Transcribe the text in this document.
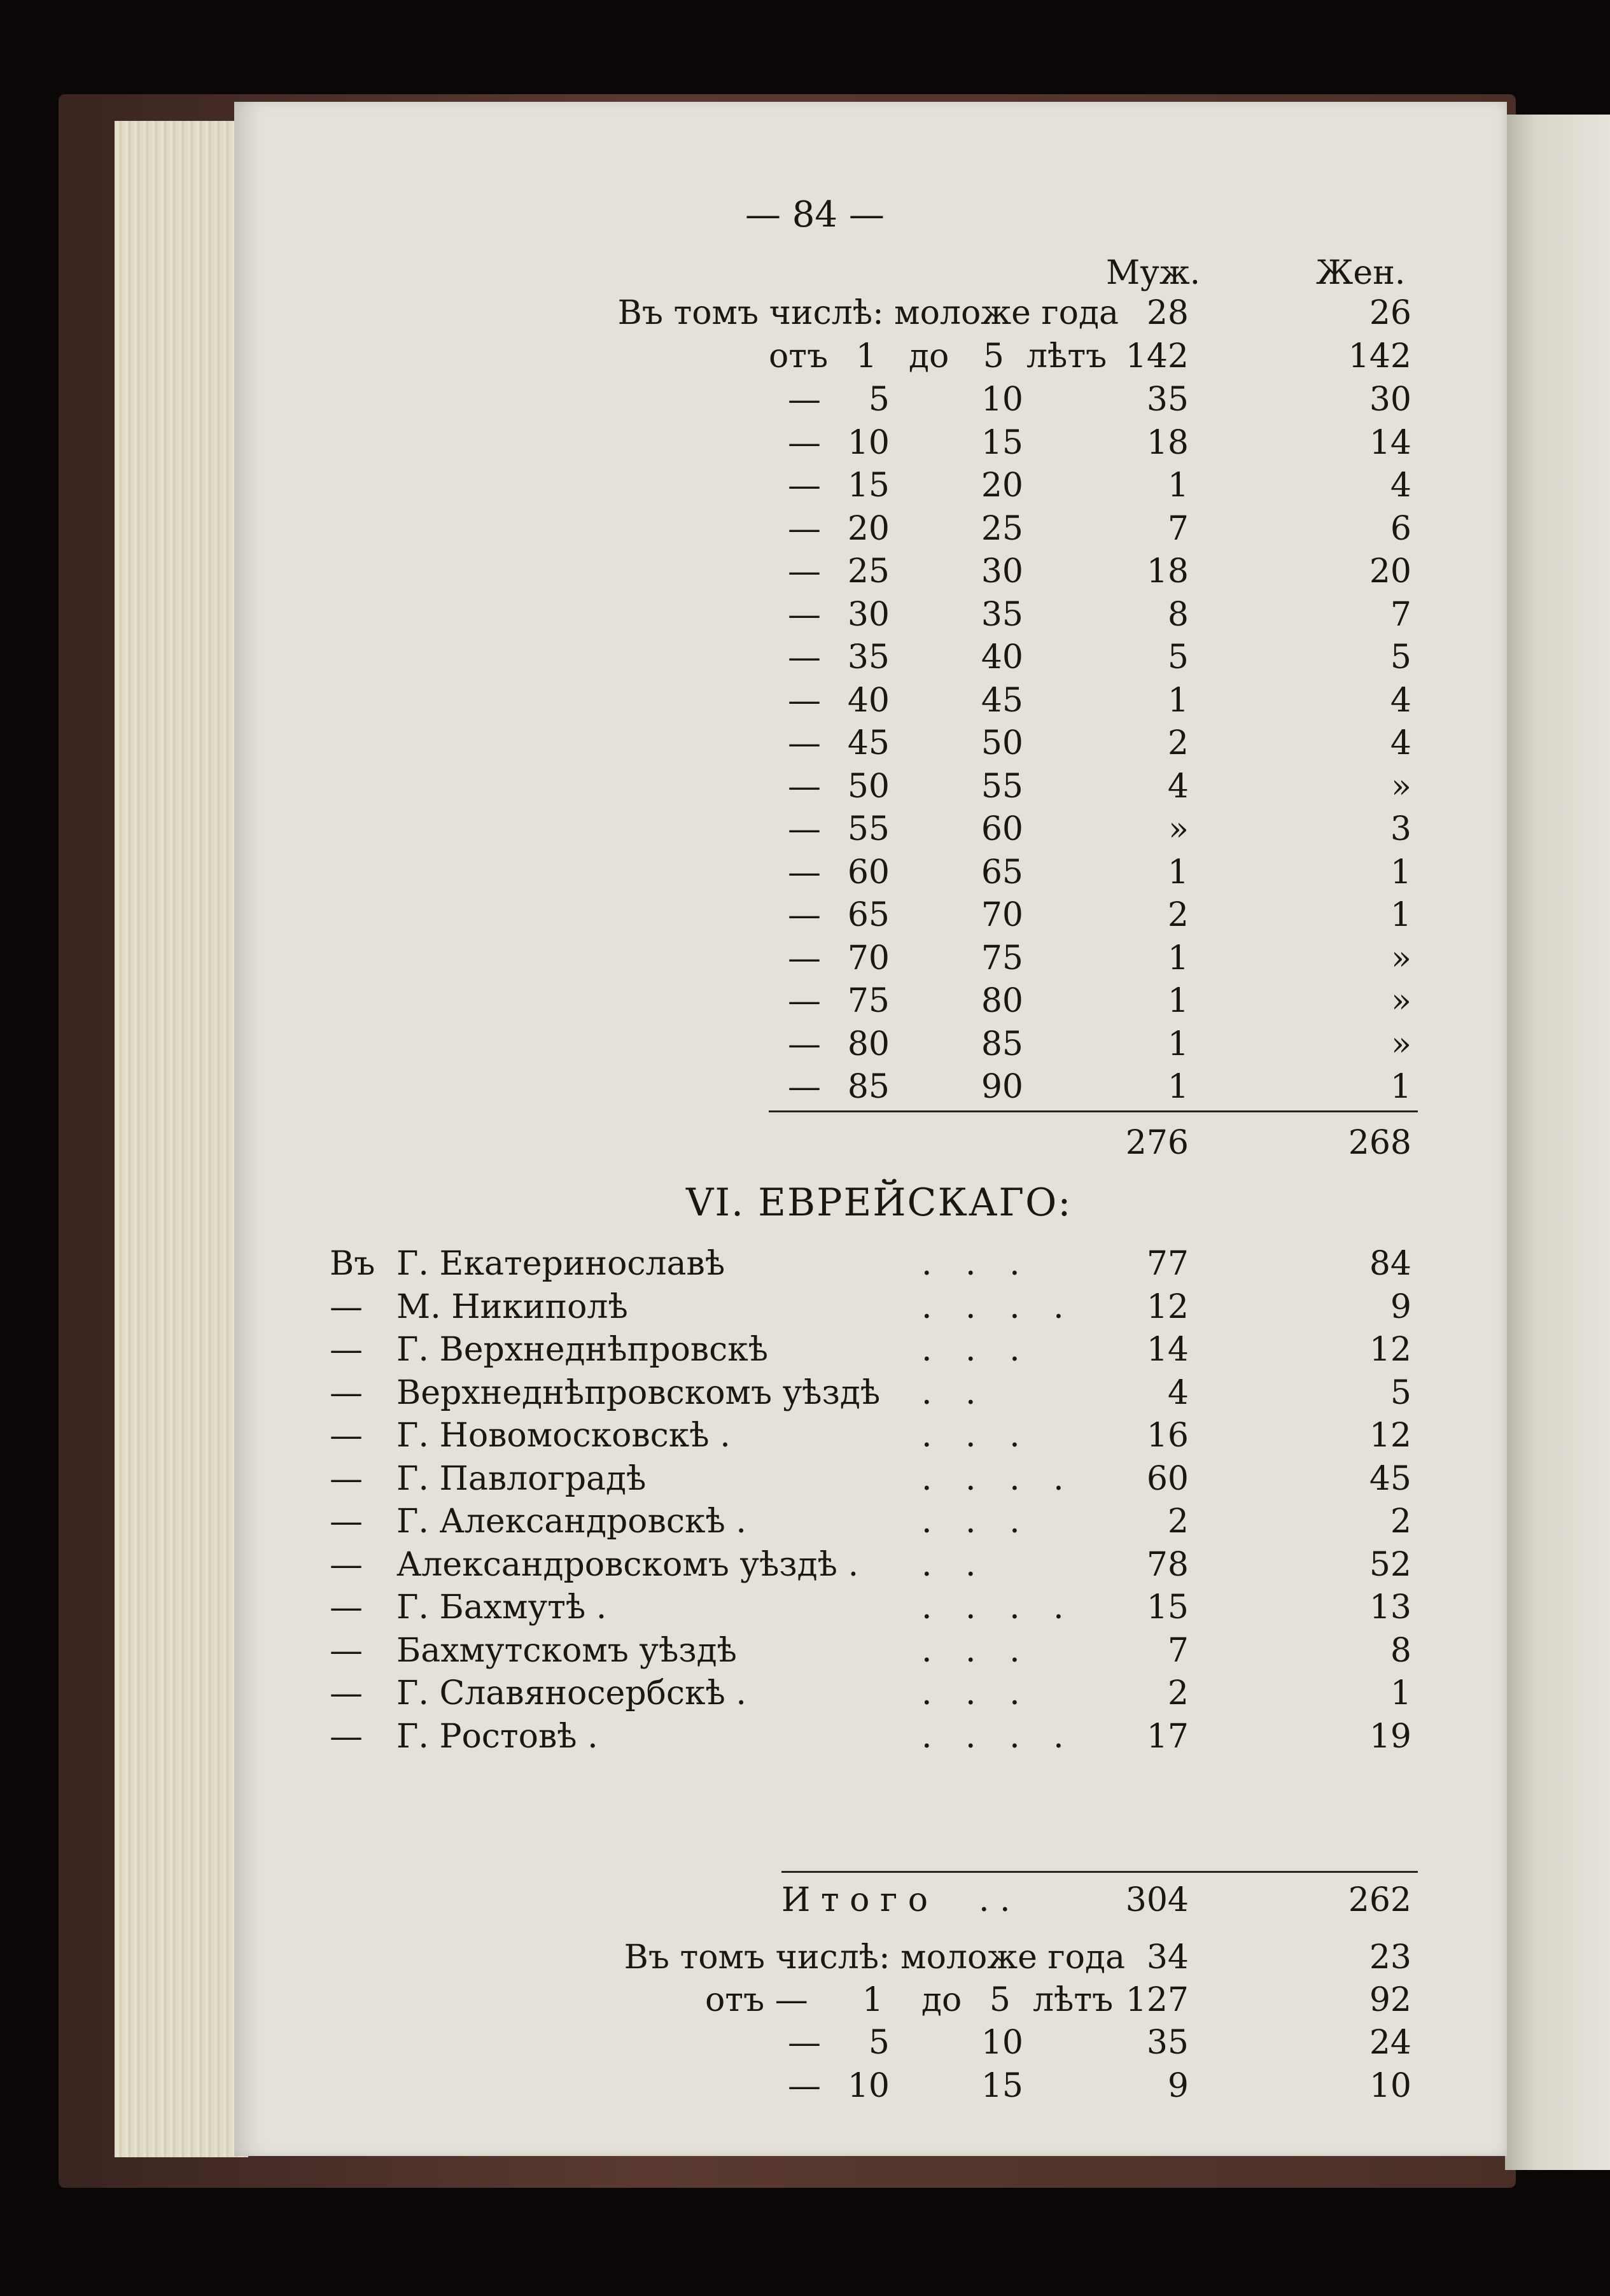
— 84 —
Муж.	Жен.
Въ томъ числѣ: моложе года 28	26
отъ 1 до	5 лѣтъ 142	142
—	5	10	35	30
— 10	15	18	14
— 15	20	1	4
— 20	25	7	6
— 25	30	18	20
— 30	35	8	7
— 35	40	5	5
— 40	45	1	4
— 45	50	2	4
— 50	55	4	»
— 55	60	»	3
— 60	65	1	1
— 65	70	2	1
— 70	75	1	»
— 75	80	1	»
— 80	85	1	»
— 85	90	1	1
276	268
VI. ЕВРЕЙСКАГО:
Въ Г. Екатеринославѣ	. . .	77	84
— М. Никиполѣ	. . . .	12	9
— Г. Верхнеднѣпровскѣ	. . .	14	12
— Верхнеднѣпровскомъ уѣздѣ . .	4	5
— Г. Новомосковскѣ .	. . .	16	12
— Г. Павлоградѣ	. . . .	60	45
— Г. Александровскѣ .	. . .	2	2
— Александровскомъ уѣздѣ . . .	78	52
— Г. Бахмутѣ .	. . . .	15	13
— Бахмутскомъ уѣздѣ	. . .	7	8
— Г. Славяносербскѣ .	. . .	2	1
— Г. Ростовѣ .	. . . .	17	19
И т о г о . .	304	262
Въ томъ числѣ: моложе года 34	23
отъ —	1 до 5 лѣтъ 127	92
—	5	10	35	24
— 10	15	9	10
